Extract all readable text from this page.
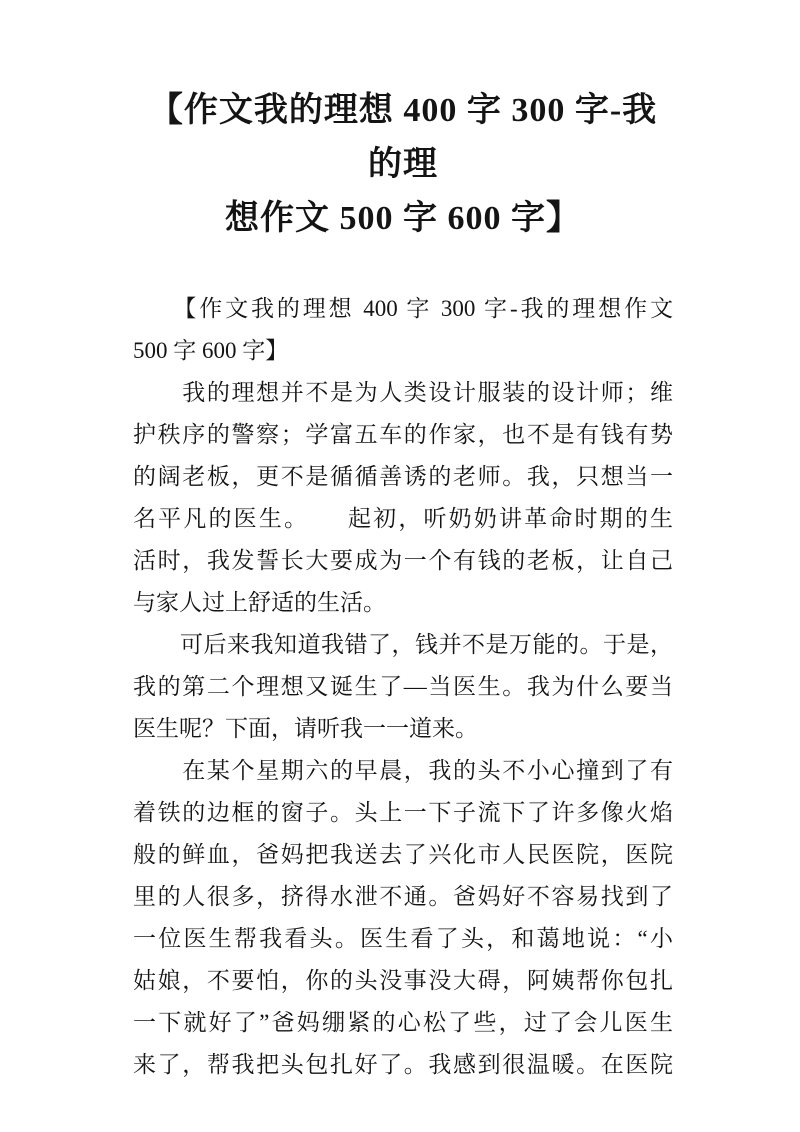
【作文我的理想 400 字 300 字-我的理
想作文 500 字 600 字】
　　【作文我的理想 400 字 300 字-我的理想作文
500 字 600 字】
　　我的理想并不是为人类设计服装的设计师；维
护秩序的警察；学富五车的作家，也不是有钱有势
的阔老板，更不是循循善诱的老师。我，只想当一
名平凡的医生。　　起初，听奶奶讲革命时期的生
活时，我发誓长大要成为一个有钱的老板，让自己
与家人过上舒适的生活。
　　可后来我知道我错了，钱并不是万能的。于是，
我的第二个理想又诞生了—当医生。我为什么要当
医生呢？下面，请听我一一道来。
　　在某个星期六的早晨，我的头不小心撞到了有
着铁的边框的窗子。头上一下子流下了许多像火焰
般的鲜血，爸妈把我送去了兴化市人民医院，医院
里的人很多，挤得水泄不通。爸妈好不容易找到了
一位医生帮我看头。医生看了头，和蔼地说：“小
姑娘，不要怕，你的头没事没大碍，阿姨帮你包扎
一下就好了”爸妈绷紧的心松了些，过了会儿医生
来了，帮我把头包扎好了。我感到很温暖。在医院
